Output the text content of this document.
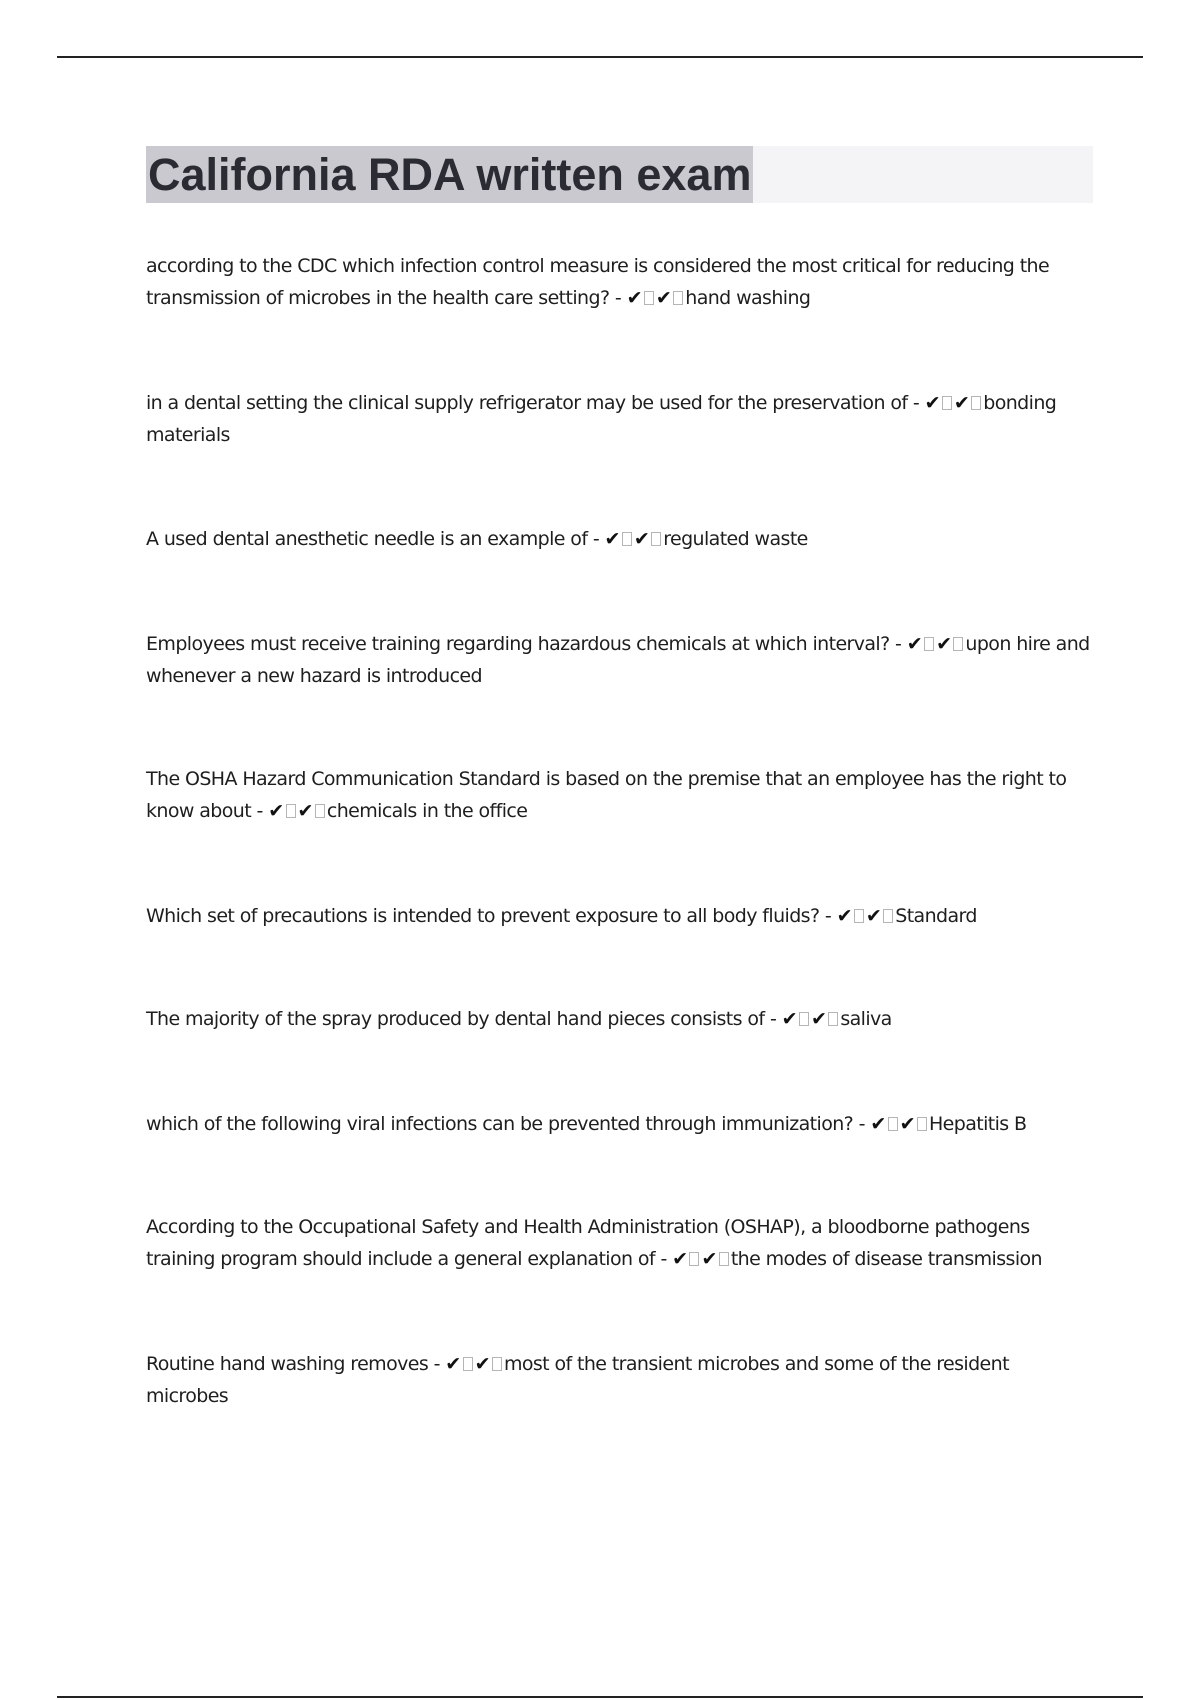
California RDA written exam
according to the CDC which infection control measure is considered the most critical for reducing the transmission of microbes in the health care setting? - ✔ ✔ hand washing
in a dental setting the clinical supply refrigerator may be used for the preservation of - ✔ ✔ bonding materials
A used dental anesthetic needle is an example of - ✔ ✔ regulated waste
Employees must receive training regarding hazardous chemicals at which interval? - ✔ ✔ upon hire and whenever a new hazard is introduced
The OSHA Hazard Communication Standard is based on the premise that an employee has the right to know about - ✔ ✔ chemicals in the office
Which set of precautions is intended to prevent exposure to all body fluids? - ✔ ✔ Standard
The majority of the spray produced by dental hand pieces consists of - ✔ ✔ saliva
which of the following viral infections can be prevented through immunization? - ✔ ✔ Hepatitis B
According to the Occupational Safety and Health Administration (OSHAP), a bloodborne pathogens training program should include a general explanation of - ✔ ✔ the modes of disease transmission
Routine hand washing removes - ✔ ✔ most of the transient microbes and some of the resident microbes
